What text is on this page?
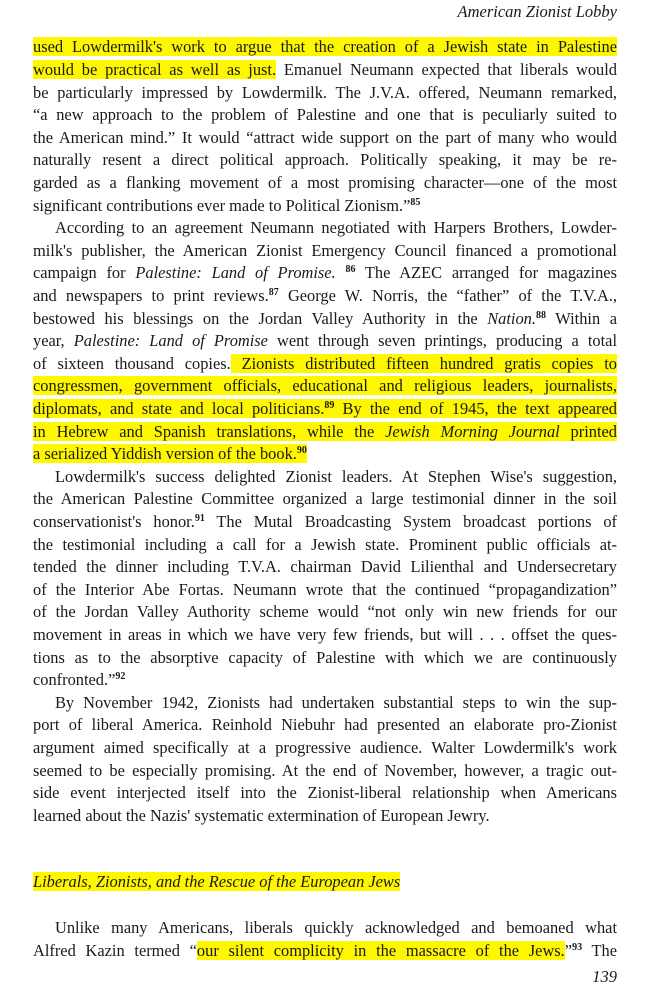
American Zionist Lobby
used Lowdermilk's work to argue that the creation of a Jewish state in Palestine
would be practical as well as just. Emanuel Neumann expected that liberals would
be particularly impressed by Lowdermilk. The J.V.A. offered, Neumann remarked,
“a new approach to the problem of Palestine and one that is peculiarly suited to
the American mind.” It would “attract wide support on the part of many who would
naturally resent a direct political approach. Politically speaking, it may be re-
garded as a flanking movement of a most promising character—one of the most
significant contributions ever made to Political Zionism.”$^{85}$
According to an agreement Neumann negotiated with Harpers Brothers, Lowder-
milk's publisher, the American Zionist Emergency Council financed a promotional
campaign for Palestine: Land of Promise. $^{86}$ The AZEC arranged for magazines
and newspapers to print reviews.$^{87}$ George W. Norris, the “father” of the T.V.A.,
bestowed his blessings on the Jordan Valley Authority in the Nation.$^{88}$ Within a
year, Palestine: Land of Promise went through seven printings, producing a total
of sixteen thousand copies. Zionists distributed fifteen hundred gratis copies to
congressmen, government officials, educational and religious leaders, journalists,
diplomats, and state and local politicians.$^{89}$ By the end of 1945, the text appeared
in Hebrew and Spanish translations, while the Jewish Morning Journal printed
a serialized Yiddish version of the book.$^{90}$
Lowdermilk's success delighted Zionist leaders. At Stephen Wise's suggestion,
the American Palestine Committee organized a large testimonial dinner in the soil
conservationist's honor.$^{91}$ The Mutal Broadcasting System broadcast portions of
the testimonial including a call for a Jewish state. Prominent public officials at-
tended the dinner including T.V.A. chairman David Lilienthal and Undersecretary
of the Interior Abe Fortas. Neumann wrote that the continued “propagandization”
of the Jordan Valley Authority scheme would “not only win new friends for our
movement in areas in which we have very few friends, but will . . . offset the ques-
tions as to the absorptive capacity of Palestine with which we are continuously
confronted.”$^{92}$
By November 1942, Zionists had undertaken substantial steps to win the sup-
port of liberal America. Reinhold Niebuhr had presented an elaborate pro-Zionist
argument aimed specifically at a progressive audience. Walter Lowdermilk's work
seemed to be especially promising. At the end of November, however, a tragic out-
side event interjected itself into the Zionist-liberal relationship when Americans
learned about the Nazis' systematic extermination of European Jewry.
Liberals, Zionists, and the Rescue of the European Jews
Unlike many Americans, liberals quickly acknowledged and bemoaned what
Alfred Kazin termed “our silent complicity in the massacre of the Jews.”$^{93}$ The
139
